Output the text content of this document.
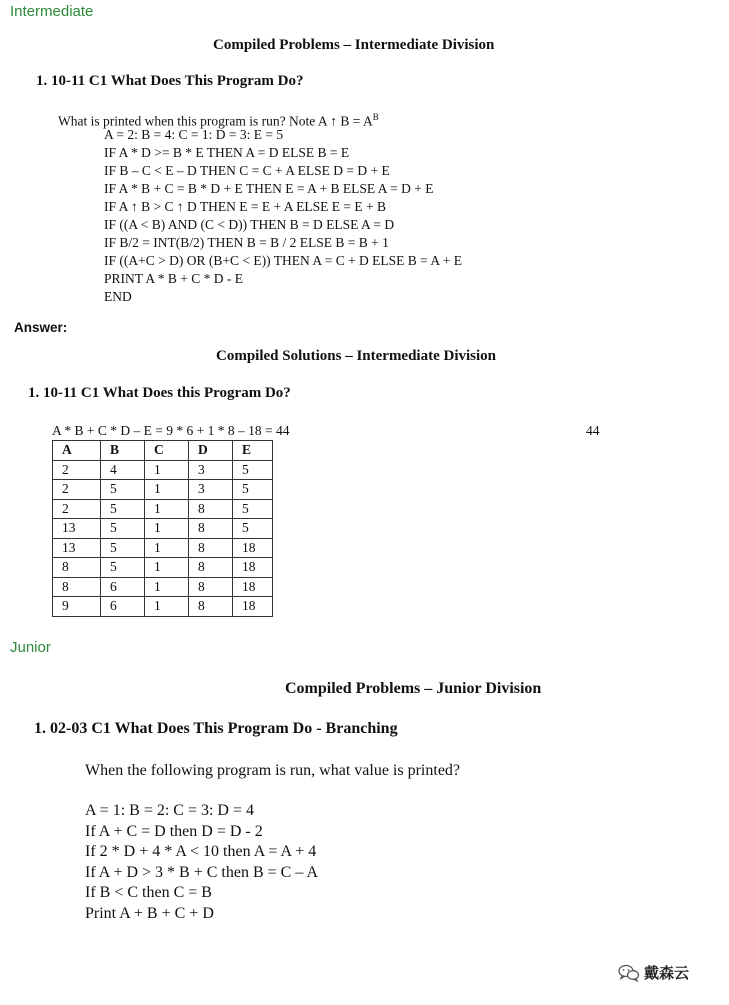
Intermediate
Compiled Problems – Intermediate Division
1. 10-11 C1 What Does This Program Do?
What is printed when this program is run? Note A ↑ $B = A^B$
A = 2: B = 4: C = 1: D = 3: E = 5
IF A * D >= B * E THEN A = D ELSE B = E
IF B – C < E – D THEN C = C + A ELSE D = D + E
IF A * B + C = B * D + E THEN E = A + B ELSE A = D + E
IF A ↑ B > C ↑ D THEN E = E + A ELSE E = E + B
IF ((A < B) AND (C < D)) THEN B = D ELSE A = D
IF B/2 = INT(B/2) THEN B = B / 2 ELSE B = B + 1
IF ((A+C > D) OR (B+C < E)) THEN A = C + D ELSE B = A + E
PRINT A * B + C * D - E
END
Answer:
Compiled Solutions – Intermediate Division
1. 10-11 C1 What Does this Program Do?
A * B + C * D – E = 9 * 6 + 1 * 8 – 18 = 44	44
A	B	C	D	E
2	4	1	3	5
2	5	1	3	5
2	5	1	8	5
13	5	1	8	5
13	5	1	8	18
8	5	1	8	18
8	6	1	8	18
9	6	1	8	18
Junior
Compiled Problems – Junior Division
1. 02-03 C1 What Does This Program Do - Branching
When the following program is run, what value is printed?
A = 1: B = 2: C = 3: D = 4
If A + C = D then D = D - 2
If 2 * D + 4 * A < 10 then A = A + 4
If A + D > 3 * B + C then B = C – A
If B < C then C = B
Print A + B + C + D
戴森云
